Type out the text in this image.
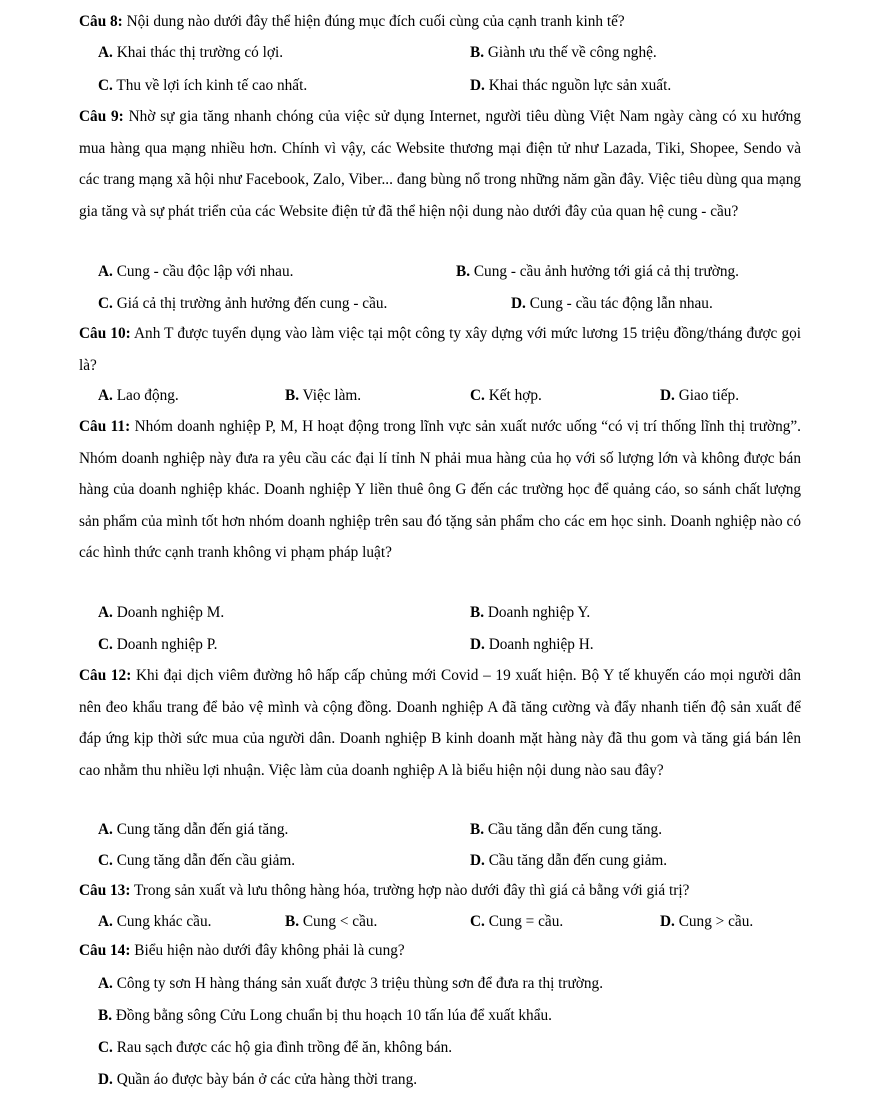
Câu 8: Nội dung nào dưới đây thể hiện đúng mục đích cuối cùng của cạnh tranh kinh tế?
A. Khai thác thị trường có lợi.	B. Giành ưu thế về công nghệ.
C. Thu về lợi ích kinh tế cao nhất.	D. Khai thác nguồn lực sản xuất.
Câu 9: Nhờ sự gia tăng nhanh chóng của việc sử dụng Internet, người tiêu dùng Việt Nam ngày càng có xu hướng mua hàng qua mạng nhiều hơn. Chính vì vậy, các Website thương mại điện tử như Lazada, Tiki, Shopee, Sendo và các trang mạng xã hội như Facebook, Zalo, Viber... đang bùng nổ trong những năm gần đây. Việc tiêu dùng qua mạng gia tăng và sự phát triển của các Website điện tử đã thể hiện nội dung nào dưới đây của quan hệ cung - cầu?
A. Cung - cầu độc lập với nhau.	B. Cung - cầu ảnh hưởng tới giá cả thị trường.
C. Giá cả thị trường ảnh hưởng đến cung - cầu.	D. Cung - cầu tác động lẫn nhau.
Câu 10: Anh T được tuyển dụng vào làm việc tại một công ty xây dựng với mức lương 15 triệu đồng/tháng được gọi là?
A. Lao động.	B. Việc làm.	C. Kết hợp.	D. Giao tiếp.
Câu 11: Nhóm doanh nghiệp P, M, H hoạt động trong lĩnh vực sản xuất nước uống “có vị trí thống lĩnh thị trường”. Nhóm doanh nghiệp này đưa ra yêu cầu các đại lí tỉnh N phải mua hàng của họ với số lượng lớn và không được bán hàng của doanh nghiệp khác. Doanh nghiệp Y liền thuê ông G đến các trường học để quảng cáo, so sánh chất lượng sản phẩm của mình tốt hơn nhóm doanh nghiệp trên sau đó tặng sản phẩm cho các em học sinh. Doanh nghiệp nào có các hình thức cạnh tranh không vi phạm pháp luật?
A. Doanh nghiệp M.	B. Doanh nghiệp Y.
C. Doanh nghiệp P.	D. Doanh nghiệp H.
Câu 12: Khi đại dịch viêm đường hô hấp cấp chủng mới Covid – 19 xuất hiện. Bộ Y tế khuyến cáo mọi người dân nên đeo khẩu trang để bảo vệ mình và cộng đồng. Doanh nghiệp A đã tăng cường và đẩy nhanh tiến độ sản xuất để đáp ứng kịp thời sức mua của người dân. Doanh nghiệp B kinh doanh mặt hàng này đã thu gom và tăng giá bán lên cao nhằm thu nhiều lợi nhuận. Việc làm của doanh nghiệp A là biểu hiện nội dung nào sau đây?
A. Cung tăng dẫn đến giá tăng.	B. Cầu tăng dẫn đến cung tăng.
C. Cung tăng dẫn đến cầu giảm.	D. Cầu tăng dẫn đến cung giảm.
Câu 13: Trong sản xuất và lưu thông hàng hóa, trường hợp nào dưới đây thì giá cả bằng với giá trị?
A. Cung khác cầu.	B. Cung < cầu.	C. Cung = cầu.	D. Cung > cầu.
Câu 14: Biểu hiện nào dưới đây không phải là cung?
A. Công ty sơn H hàng tháng sản xuất được 3 triệu thùng sơn để đưa ra thị trường.
B. Đồng bằng sông Cửu Long chuẩn bị thu hoạch 10 tấn lúa để xuất khẩu.
C. Rau sạch được các hộ gia đình trồng để ăn, không bán.
D. Quần áo được bày bán ở các cửa hàng thời trang.
